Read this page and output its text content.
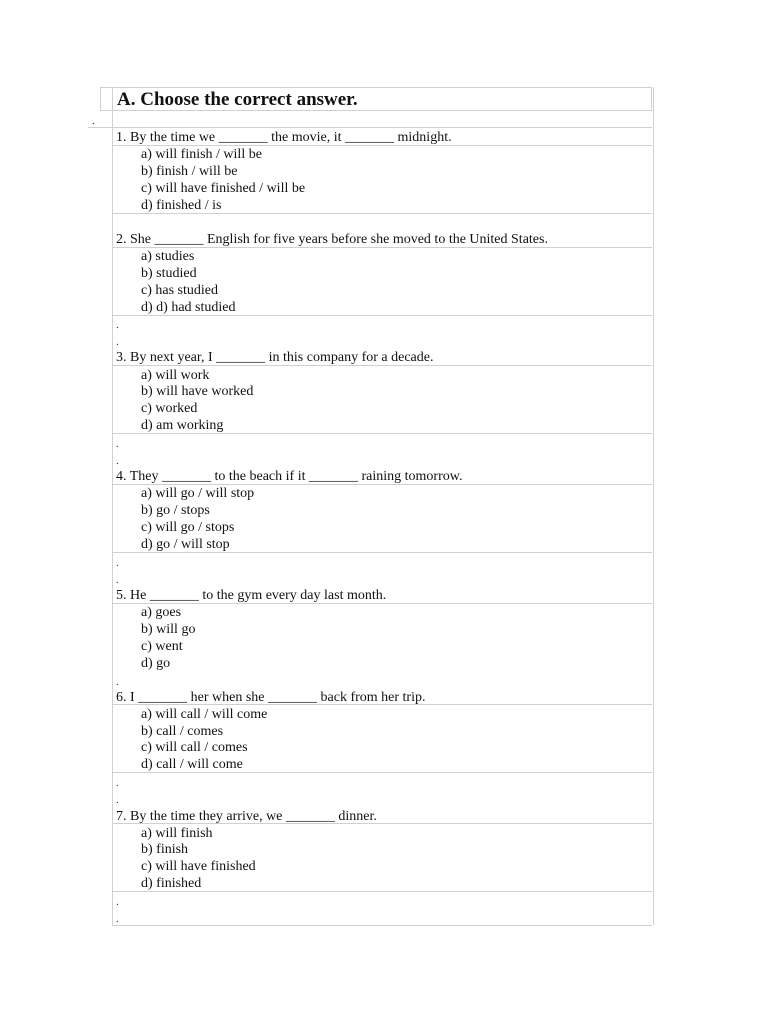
A. Choose the correct answer.
.
.
.
.
.
.
.
.
.
.
.
.
1. By the time we _______ the movie, it _______ midnight.
a) will finish / will be
b) finish / will be
c) will have finished / will be
d) finished / is
2. She _______ English for five years before she moved to the United States.
a) studies
b) studied
c) has studied
d) d) had studied
3. By next year, I _______ in this company for a decade.
a) will work
b) will have worked
c) worked
d) am working
4. They _______ to the beach if it _______ raining tomorrow.
a) will go / will stop
b) go / stops
c) will go / stops
d) go / will stop
5. He _______ to the gym every day last month.
a) goes
b) will go
c) went
d) go
6. I _______ her when she _______ back from her trip.
a) will call / will come
b) call / comes
c) will call / comes
d) call / will come
7. By the time they arrive, we _______ dinner.
a) will finish
b) finish
c) will have finished
d) finished
